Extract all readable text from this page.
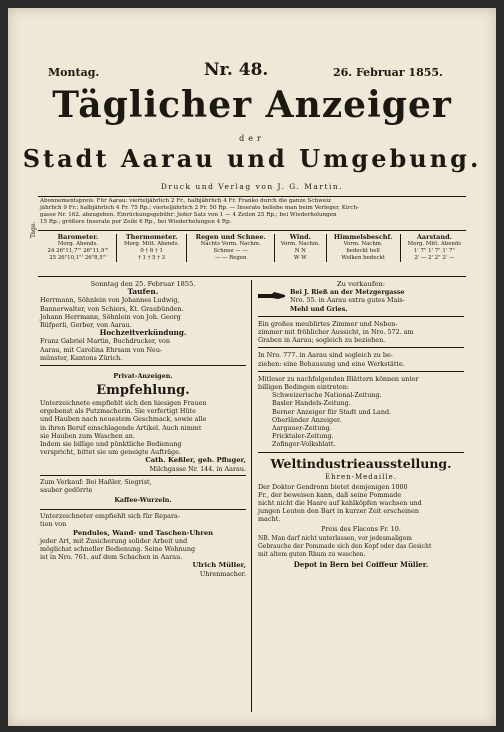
Montag.	Nr. 48.	26. Februar 1855.
Täglicher Anzeiger
der
Stadt Aarau und Umgebung.
Druck und Verlag von J. G. Martin.
Abonnementspreis. Für Aarau: vierteljährlich 2 Fr., halbjährlich 4 Fr. Franko durch die ganze Schweiz
jährlich 9 Fr.; halbjährlich 4 Fr. 75 Rp.; vierteljährlich 2 Fr. 50 Rp. — Inserate beliebe man beim Verleger, Kirch-
gasse Nr. 162. abzugeben. Einrückungsgebühr: Jeder Satz von 1 — 4 Zeilen 25 Rp.; bei Wiederholungen
15 Rp.; größere Inserate per Zeile 6 Rp., bei Wiederholungen 4 Rp.
Tage.	Barometer.	Thermometer.	Regen und Schnee.	Wind.	Himmelsbeschf.	Aarstand.
Morg. Abends.	Morg. Mitt. Abends.	Nachts Vorm. Nachm.	Vorm. Nachm.	Vorm. Nachm.	Morg. Mitt. Abends
24 26"11,7"' 26"11,9"'	0 † 6 † 1	Schnee — —	N N	bedeckt hell	1' 7" 1' 7" 1' 7"
25 26"10,1"' 26"8,5"'	† 1 † 5 † 3	— — Regen	W W	Wolken bedeckt	2' — 2' 2" 2' —

Sonntag den 25. Februar 1855.

Taufen.

Herrmann, Söhnlein von Johannes Ludwig,

Bannerwalter, von Schiers, Kt. Graubünden.

Johann Herrmann, Söhnlein von Joh. Georg

Rüfperli, Gerber, von Aarau.

Hochzeitverkündung.

Franz Gabriel Martin, Buchdrucker, von

Aarau, mit Carolina Ehrsam von Neu-

münster, Kantons Zürich.

Privat-Anzeigen.

Empfehlung.

Unterzeichnete empfiehlt sich den hiesigen Frauen

ergebenst als Putzmacherin. Sie verfertigt Hüte

und Hauben nach neuestem Geschmack, sowie alle

in ihren Beruf einschlagende Artikel. Auch nimmt

sie Hauben zum Waschen an.

Indem sie billige und pünktliche Bedienung

verspricht, bittet sie um geneigte Aufträge.

Cath. Keßler, geb. Pfluger,

Milchgasse Nr. 144. in Aarau.

Zum Verkauf: Bei Haßler, Siegrist,

sauber gedörrte

Kaffee-Wurzeln.

Unterzeichneter empfiehlt sich für Repara-

tion von

Pendules, Wand- und Taschen-Uhren

jeder Art, mit Zusicherung solider Arbeit und

möglichst schneller Bedienung. Seine Wohnung

ist in Nro. 761. auf dem Schachen in Aarau.

Ulrich Müller,

Uhrenmacher.

Zu verkaufen:

Bei J. Rieß an der Metzgergasse

Nro. 55. in Aarau extra gutes Mais-

Mehl und Gries.

Ein großes meublirtes Zimmer und Neben-

zimmer mit fröhlicher Aussicht, in Nro. 572. am

Graben in Aarau; sogleich zu beziehen.

In Nro. 777. in Aarau sind sogleich zu be-

ziehen: eine Behausung und eine Werkstätte.

Mitleser zu nachfolgenden Blättern können unter

billigen Bedingen eintreten:

Schweizerische National-Zeitung.

Basler Handels-Zeitung.

Berner Anzeiger für Stadt und Land.

Oberländer Anzeiger.

Aargauer-Zeitung.

Fricktaler-Zeitung.

Zofinger-Volksblatt.

Weltindustrieausstellung.

Ehren-Medaille.

Der Doktor Gendronn bietet demjenigen 1000

Fr., der beweisen kann, daß seine Pommade

nicht nicht die Haare auf kahlköpfen wachsen und

jungen Leuten den Bart in kurzer Zeit erscheinen

macht.

Preis des Flacons Fr. 10.

NB. Man darf nicht unterlassen, vor jedesmaligem

Gebrauche der Pommade sich den Kopf oder das Gesicht

mit altem guten Rhum zu waschen.

Depot in Bern bei Coiffeur Müller.
